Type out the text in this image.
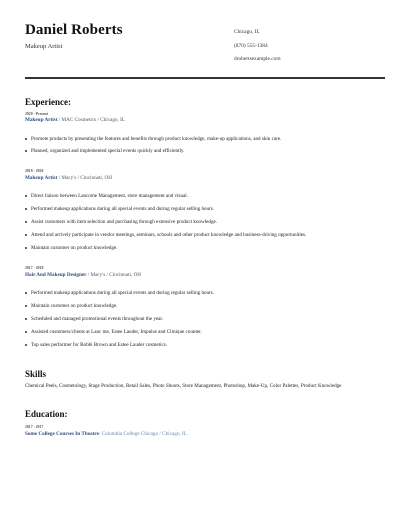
Daniel Roberts
Makeup Artist
Chicago, IL
(870) 555-1384
drobertsexample.com
Experience:
2020 - Present
Makeup Artist / MAC Cosmetics / Chicago, IL
Promote products by presenting the features and benefits through product knowledge, make-up applications, and skin care.
Planned, organized and implemented special events quickly and efficiently.
2018 - 2020
Makeup Artist / Macy's / Cincinnati, OH
Direct liaison between Lancome Management, store management and visual.
Performed makeup applications during all special events and during regular selling hours.
Assist customers with item selection and purchasing through extensive product knowledge.
Attend and actively participate in vendor meetings, seminars, schools and other product knowledge and business-driving opportunities.
Maintain customer on product knowledge.
2017 - 2018
Hair And Makeup Designer / Macy's / Cincinnati, OH
Performed makeup applications during all special events and during regular selling hours.
Maintain customer on product knowledge.
Scheduled and managed promotional events throughout the year.
Assisted customers/clients at Lanc me, Estee Lauder, Impulse and Clinique counter.
Top sales performer for Bobbi Brown and Estee Lauder cosmetics.
Skills
Chemical Peels, Cosmetology, Stage Production, Retail Sales, Photo Shoots, Store Management, Photoshop, Make-Up, Color Palettes, Product Knowledge
Education:
2017 - 2017
Some College Courses In Theatre: Columbia College Chicago / Chicago, IL
